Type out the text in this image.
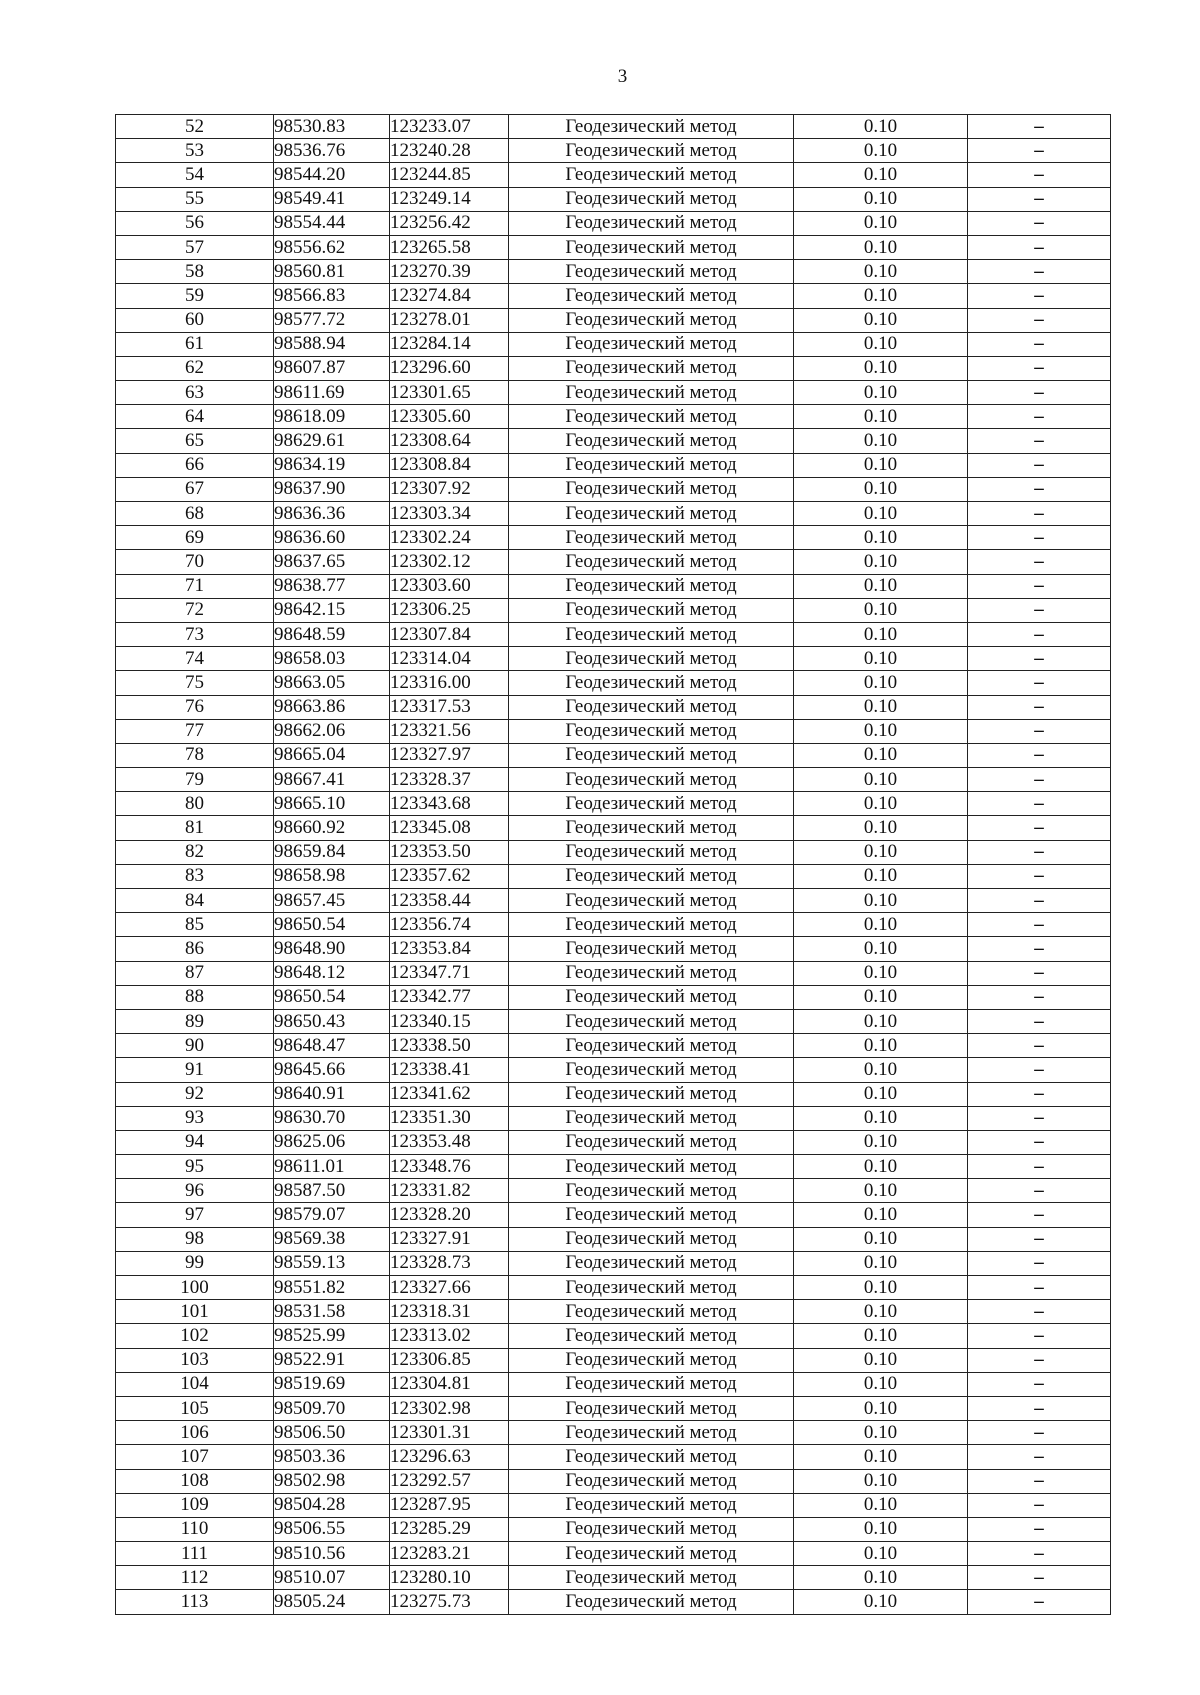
3
52	98530.83	123233.07	Геодезический метод	0.10	–
53	98536.76	123240.28	Геодезический метод	0.10	–
54	98544.20	123244.85	Геодезический метод	0.10	–
55	98549.41	123249.14	Геодезический метод	0.10	–
56	98554.44	123256.42	Геодезический метод	0.10	–
57	98556.62	123265.58	Геодезический метод	0.10	–
58	98560.81	123270.39	Геодезический метод	0.10	–
59	98566.83	123274.84	Геодезический метод	0.10	–
60	98577.72	123278.01	Геодезический метод	0.10	–
61	98588.94	123284.14	Геодезический метод	0.10	–
62	98607.87	123296.60	Геодезический метод	0.10	–
63	98611.69	123301.65	Геодезический метод	0.10	–
64	98618.09	123305.60	Геодезический метод	0.10	–
65	98629.61	123308.64	Геодезический метод	0.10	–
66	98634.19	123308.84	Геодезический метод	0.10	–
67	98637.90	123307.92	Геодезический метод	0.10	–
68	98636.36	123303.34	Геодезический метод	0.10	–
69	98636.60	123302.24	Геодезический метод	0.10	–
70	98637.65	123302.12	Геодезический метод	0.10	–
71	98638.77	123303.60	Геодезический метод	0.10	–
72	98642.15	123306.25	Геодезический метод	0.10	–
73	98648.59	123307.84	Геодезический метод	0.10	–
74	98658.03	123314.04	Геодезический метод	0.10	–
75	98663.05	123316.00	Геодезический метод	0.10	–
76	98663.86	123317.53	Геодезический метод	0.10	–
77	98662.06	123321.56	Геодезический метод	0.10	–
78	98665.04	123327.97	Геодезический метод	0.10	–
79	98667.41	123328.37	Геодезический метод	0.10	–
80	98665.10	123343.68	Геодезический метод	0.10	–
81	98660.92	123345.08	Геодезический метод	0.10	–
82	98659.84	123353.50	Геодезический метод	0.10	–
83	98658.98	123357.62	Геодезический метод	0.10	–
84	98657.45	123358.44	Геодезический метод	0.10	–
85	98650.54	123356.74	Геодезический метод	0.10	–
86	98648.90	123353.84	Геодезический метод	0.10	–
87	98648.12	123347.71	Геодезический метод	0.10	–
88	98650.54	123342.77	Геодезический метод	0.10	–
89	98650.43	123340.15	Геодезический метод	0.10	–
90	98648.47	123338.50	Геодезический метод	0.10	–
91	98645.66	123338.41	Геодезический метод	0.10	–
92	98640.91	123341.62	Геодезический метод	0.10	–
93	98630.70	123351.30	Геодезический метод	0.10	–
94	98625.06	123353.48	Геодезический метод	0.10	–
95	98611.01	123348.76	Геодезический метод	0.10	–
96	98587.50	123331.82	Геодезический метод	0.10	–
97	98579.07	123328.20	Геодезический метод	0.10	–
98	98569.38	123327.91	Геодезический метод	0.10	–
99	98559.13	123328.73	Геодезический метод	0.10	–
100	98551.82	123327.66	Геодезический метод	0.10	–
101	98531.58	123318.31	Геодезический метод	0.10	–
102	98525.99	123313.02	Геодезический метод	0.10	–
103	98522.91	123306.85	Геодезический метод	0.10	–
104	98519.69	123304.81	Геодезический метод	0.10	–
105	98509.70	123302.98	Геодезический метод	0.10	–
106	98506.50	123301.31	Геодезический метод	0.10	–
107	98503.36	123296.63	Геодезический метод	0.10	–
108	98502.98	123292.57	Геодезический метод	0.10	–
109	98504.28	123287.95	Геодезический метод	0.10	–
110	98506.55	123285.29	Геодезический метод	0.10	–
111	98510.56	123283.21	Геодезический метод	0.10	–
112	98510.07	123280.10	Геодезический метод	0.10	–
113	98505.24	123275.73	Геодезический метод	0.10	–
